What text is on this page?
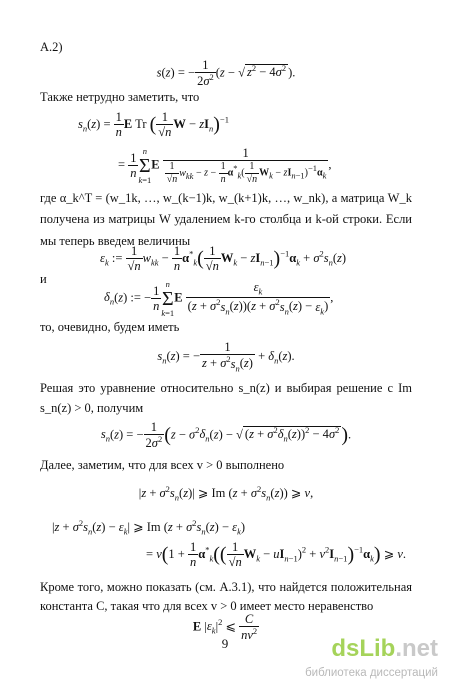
A.2)
s(z) = − $\frac{1}{2\sigma^2} (z$ − √ $z^2 - 4\sigma^2$ ).
Также нетрудно заметить, что
$s_n(z) = \frac{1}{n}$ E Tr ( $\frac{1}{√n}$ $W - zI_n)^{-1}$
= $\frac{1}{n}$ n
Σ
k=1
E $\frac{1}{\frac{1}{√n} w_{kk} - z - \frac{1}{n} \alpha^*_k( \frac{1}{√n} W_k - zI_{n-1})^{-1}\alpha_k}$ ,
где α_k^T = (w_1k, …, w_(k−1)k, w_(k+1)k, …, w_nk), а матрица W_k получена из матрицы W удалением k-го столбца и k-ой строки. Если мы теперь введем величины
$\varepsilon_k$ := $\frac{1}{√n} w_{kk} - \frac{1}{n} \alpha^*_k( \frac{1}{√n} W_k - zI_{n-1})^{-1}\alpha_k + \sigma^2s_n(z)$
и
$\delta_n(z)$ := − $\frac{1}{n}$ n
Σ
k=1
E $\frac{\varepsilon_k}{(z + \sigma^2s_n(z))(z + \sigma^2s_n(z) - \varepsilon_k)}$ ,
то, очевидно, будем иметь
$s_n(z)$ = − $\frac{1}{z + \sigma^2s_n(z)} + \delta_n(z)$.
Решая это уравнение относительно s_n(z) и выбирая решение с Im s_n(z) > 0, получим
$s_n(z)$ = − $\frac{1}{2\sigma^2} (z - \sigma^2\delta_n(z)$ − √ $(z + \sigma^2\delta_n(z))^2 - 4\sigma^2$ ).
Далее, заметим, что для всех v > 0 выполнено
$|z + \sigma^2s_n(z)|$ ⩾ Im $(z + \sigma^2s_n(z))$ ⩾ v,
$|z + \sigma^2s_n(z) - \varepsilon_k|$ ⩾ Im $(z + \sigma^2s_n(z) - \varepsilon_k)$
= $v(1 + \frac{1}{n} \alpha^*_k(( \frac{1}{√n} W_k - uI_{n-1})^2 + v^2I_{n-1})^{-1}\alpha_k)$ ⩾ v.
Кроме того, можно показать (см. А.3.1), что найдется положительная константа C, такая что для всех v > 0 имеет место неравенство
E $|\varepsilon_k|^2$ ⩽ $\frac{C}{nv^2}$
9	dsLib.net
библиотека диссертаций
